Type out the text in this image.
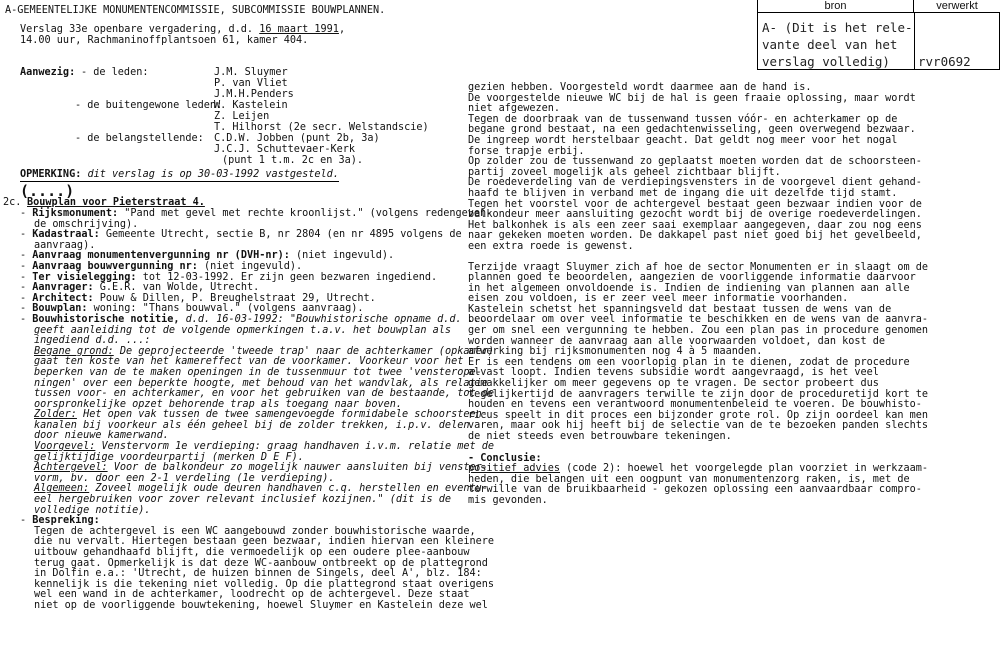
A-GEMEENTELIJKE MONUMENTENCOMMISSIE, SUBCOMMISSIE BOUWPLANNEN.
Verslag 33e openbare vergadering, d.d. 16 maart 1991,
14.00 uur, Rachmaninoffplantsoen 61, kamer 404.
bron	verwerkt
A- (Dit is het rele-
vante deel van het
verslag volledig) rvr0692
Aanwezig: - de leden:	J.M. Sluymer
P. van Vliet
J.M.H.Penders
- de buitengewone leden:
W. Kastelein
Z. Leijen
T. Hilhorst (2e secr. Welstandscie)
- de belangstellende: C.D.W. Jobben (punt 2b, 3a)
J.C.J. Schuttevaer-Kerk
(punt 1 t.m. 2c en 3a).
OPMERKING: dit verslag is op 30-03-1992 vastgesteld.
(....)
2c. Bouwplan voor Pieterstraat 4.
- Rijksmonument: "Pand met gevel met rechte kroonlijst." (volgens redengeven-
de omschrijving).
- Kadastraal: Gemeente Utrecht, sectie B, nr 2804 (en nr 4895 volgens de
aanvraag).
- Aanvraag monumentenvergunning nr (DVH-nr): (niet ingevuld).
- Aanvraag bouwvergunning nr: (niet ingevuld).
- Ter visielegging: tot 12-03-1992. Er zijn geen bezwaren ingediend.
- Aanvrager: G.E.R. van Wolde, Utrecht.
- Architect: Pouw & Dillen, P. Breughelstraat 29, Utrecht.
- Bouwplan: woning: "Thans bouwval." (volgens aanvraag).
- Bouwhistorische notitie, d.d. 16-03-1992: "Bouwhistorische opname d.d. ...
geeft aanleiding tot de volgende opmerkingen t.a.v. het bouwplan als
ingediend d.d. ...:
Begane grond: De geprojecteerde 'tweede trap' naar de achterkamer (opkamer)
gaat ten koste van het kamereffect van de voorkamer. Voorkeur voor het
beperken van de te maken openingen in de tussenmuur tot twee 'vensterope-
ningen' over een beperkte hoogte, met behoud van het wandvlak, als relatie
tussen voor- en achterkamer, en voor het gebruiken van de bestaande, tot de
oorspronkelijke opzet behorende trap als toegang naar boven.
Zolder: Het open vak tussen de twee samengevoegde formidabele schoorsteen-
kanalen bij voorkeur als één geheel bij de zolder trekken, i.p.v. delen
door nieuwe kamerwand.
Voorgevel: Venstervorm 1e verdieping: graag handhaven i.v.m. relatie met de
gelijktijdige voordeurpartij (merken D E F).
Achtergevel: Voor de balkondeur zo mogelijk nauwer aansluiten bij venster-
vorm, bv. door een 2-1 verdeling (1e verdieping).
Algemeen: Zoveel mogelijk oude deuren handhaven c.q. herstellen en eventu-
eel hergebruiken voor zover relevant inclusief kozijnen." (dit is de
volledige notitie).
- Bespreking:
Tegen de achtergevel is een WC aangebouwd zonder bouwhistorische waarde,
die nu vervalt. Hiertegen bestaan geen bezwaar, indien hiervan een kleinere
uitbouw gehandhaafd blijft, die vermoedelijk op een oudere plee-aanbouw
terug gaat. Opmerkelijk is dat deze WC-aanbouw ontbreekt op de plattegrond
in Dolfin e.a.: 'Utrecht, de huizen binnen de Singels, deel A', blz. 184:
kennelijk is die tekening niet volledig. Op die plattegrond staat overigens
wel een wand in de achterkamer, loodrecht op de achtergevel. Deze staat
niet op de voorliggende bouwtekening, hoewel Sluymer en Kastelein deze wel
gezien hebben. Voorgesteld wordt daarmee aan de hand is.
De voorgestelde nieuwe WC bij de hal is geen fraaie oplossing, maar wordt
niet afgewezen.
Tegen de doorbraak van de tussenwand tussen vóór- en achterkamer op de
begane grond bestaat, na een gedachtenwisseling, geen overwegend bezwaar.
De ingreep wordt herstelbaar geacht. Dat geldt nog meer voor het nogal
forse trapje erbij.
Op zolder zou de tussenwand zo geplaatst moeten worden dat de schoorsteen-
partij zoveel mogelijk als geheel zichtbaar blijft.
De roedeverdeling van de verdiepingsvensters in de voorgevel dient gehand-
haafd te blijven in verband met de ingang die uit dezelfde tijd stamt.
Tegen het voorstel voor de achtergevel bestaat geen bezwaar indien voor de
balkondeur meer aansluiting gezocht wordt bij de overige roedeverdelingen.
Het balkonhek is als een zeer saai exemplaar aangegeven, daar zou nog eens
naar gekeken moeten worden. De dakkapel past niet goed bij het gevelbeeld,
een extra roede is gewenst.
Terzijde vraagt Sluymer zich af hoe de sector Monumenten er in slaagt om de
plannen goed te beoordelen, aangezien de voorliggende informatie daarvoor
in het algemeen onvoldoende is. Indien de indiening van plannen aan alle
eisen zou voldoen, is er zeer veel meer informatie voorhanden.
Kastelein schetst het spanningsveld dat bestaat tussen de wens van de
beoordelaar om over veel informatie te beschikken en de wens van de aanvra-
ger om snel een vergunning te hebben. Zou een plan pas in procedure genomen
worden wanneer de aanvraag aan alle voorwaarden voldoet, dan kost de
afwerking bij rijksmonumenten nog 4 à 5 maanden.
Er is een tendens om een voorlopig plan in te dienen, zodat de procedure
alvast loopt. Indien tevens subsidie wordt aangevraagd, is het veel
gemakkelijker om meer gegevens op te vragen. De sector probeert dus
tegelijkertijd de aanvragers terwille te zijn door de proceduretijd kort te
houden en tevens een verantwoord monumentenbeleid te voeren. De bouwhisto-
ricus speelt in dit proces een bijzonder grote rol. Op zijn oordeel kan men
varen, maar ook hij heeft bij de selectie van de te bezoeken panden slechts
de niet steeds even betrouwbare tekeningen.
- Conclusie:
positief advies (code 2): hoewel het voorgelegde plan voorziet in werkzaam-
heden, die belangen uit een oogpunt van monumentenzorg raken, is, met de
terwille van de bruikbaarheid - gekozen oplossing een aanvaardbaar compro-
mis gevonden.
